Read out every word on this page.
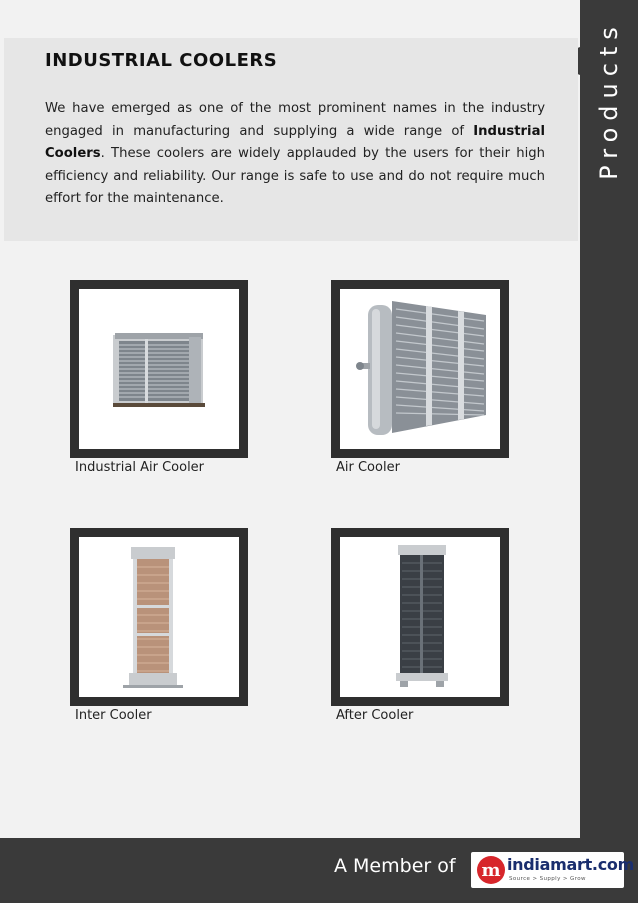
Products
INDUSTRIAL COOLERS

We have emerged as one of the most prominent names in the industry engaged in manufacturing and supplying a wide range of Industrial Coolers. These coolers are widely applauded by the users for their high efficiency and reliability. Our range is safe to use and do not require much effort for the maintenance.

Industrial Air Cooler	Air Cooler
Inter Cooler	After Cooler
A Member of m indiamart.com
Source > Supply > Grow
